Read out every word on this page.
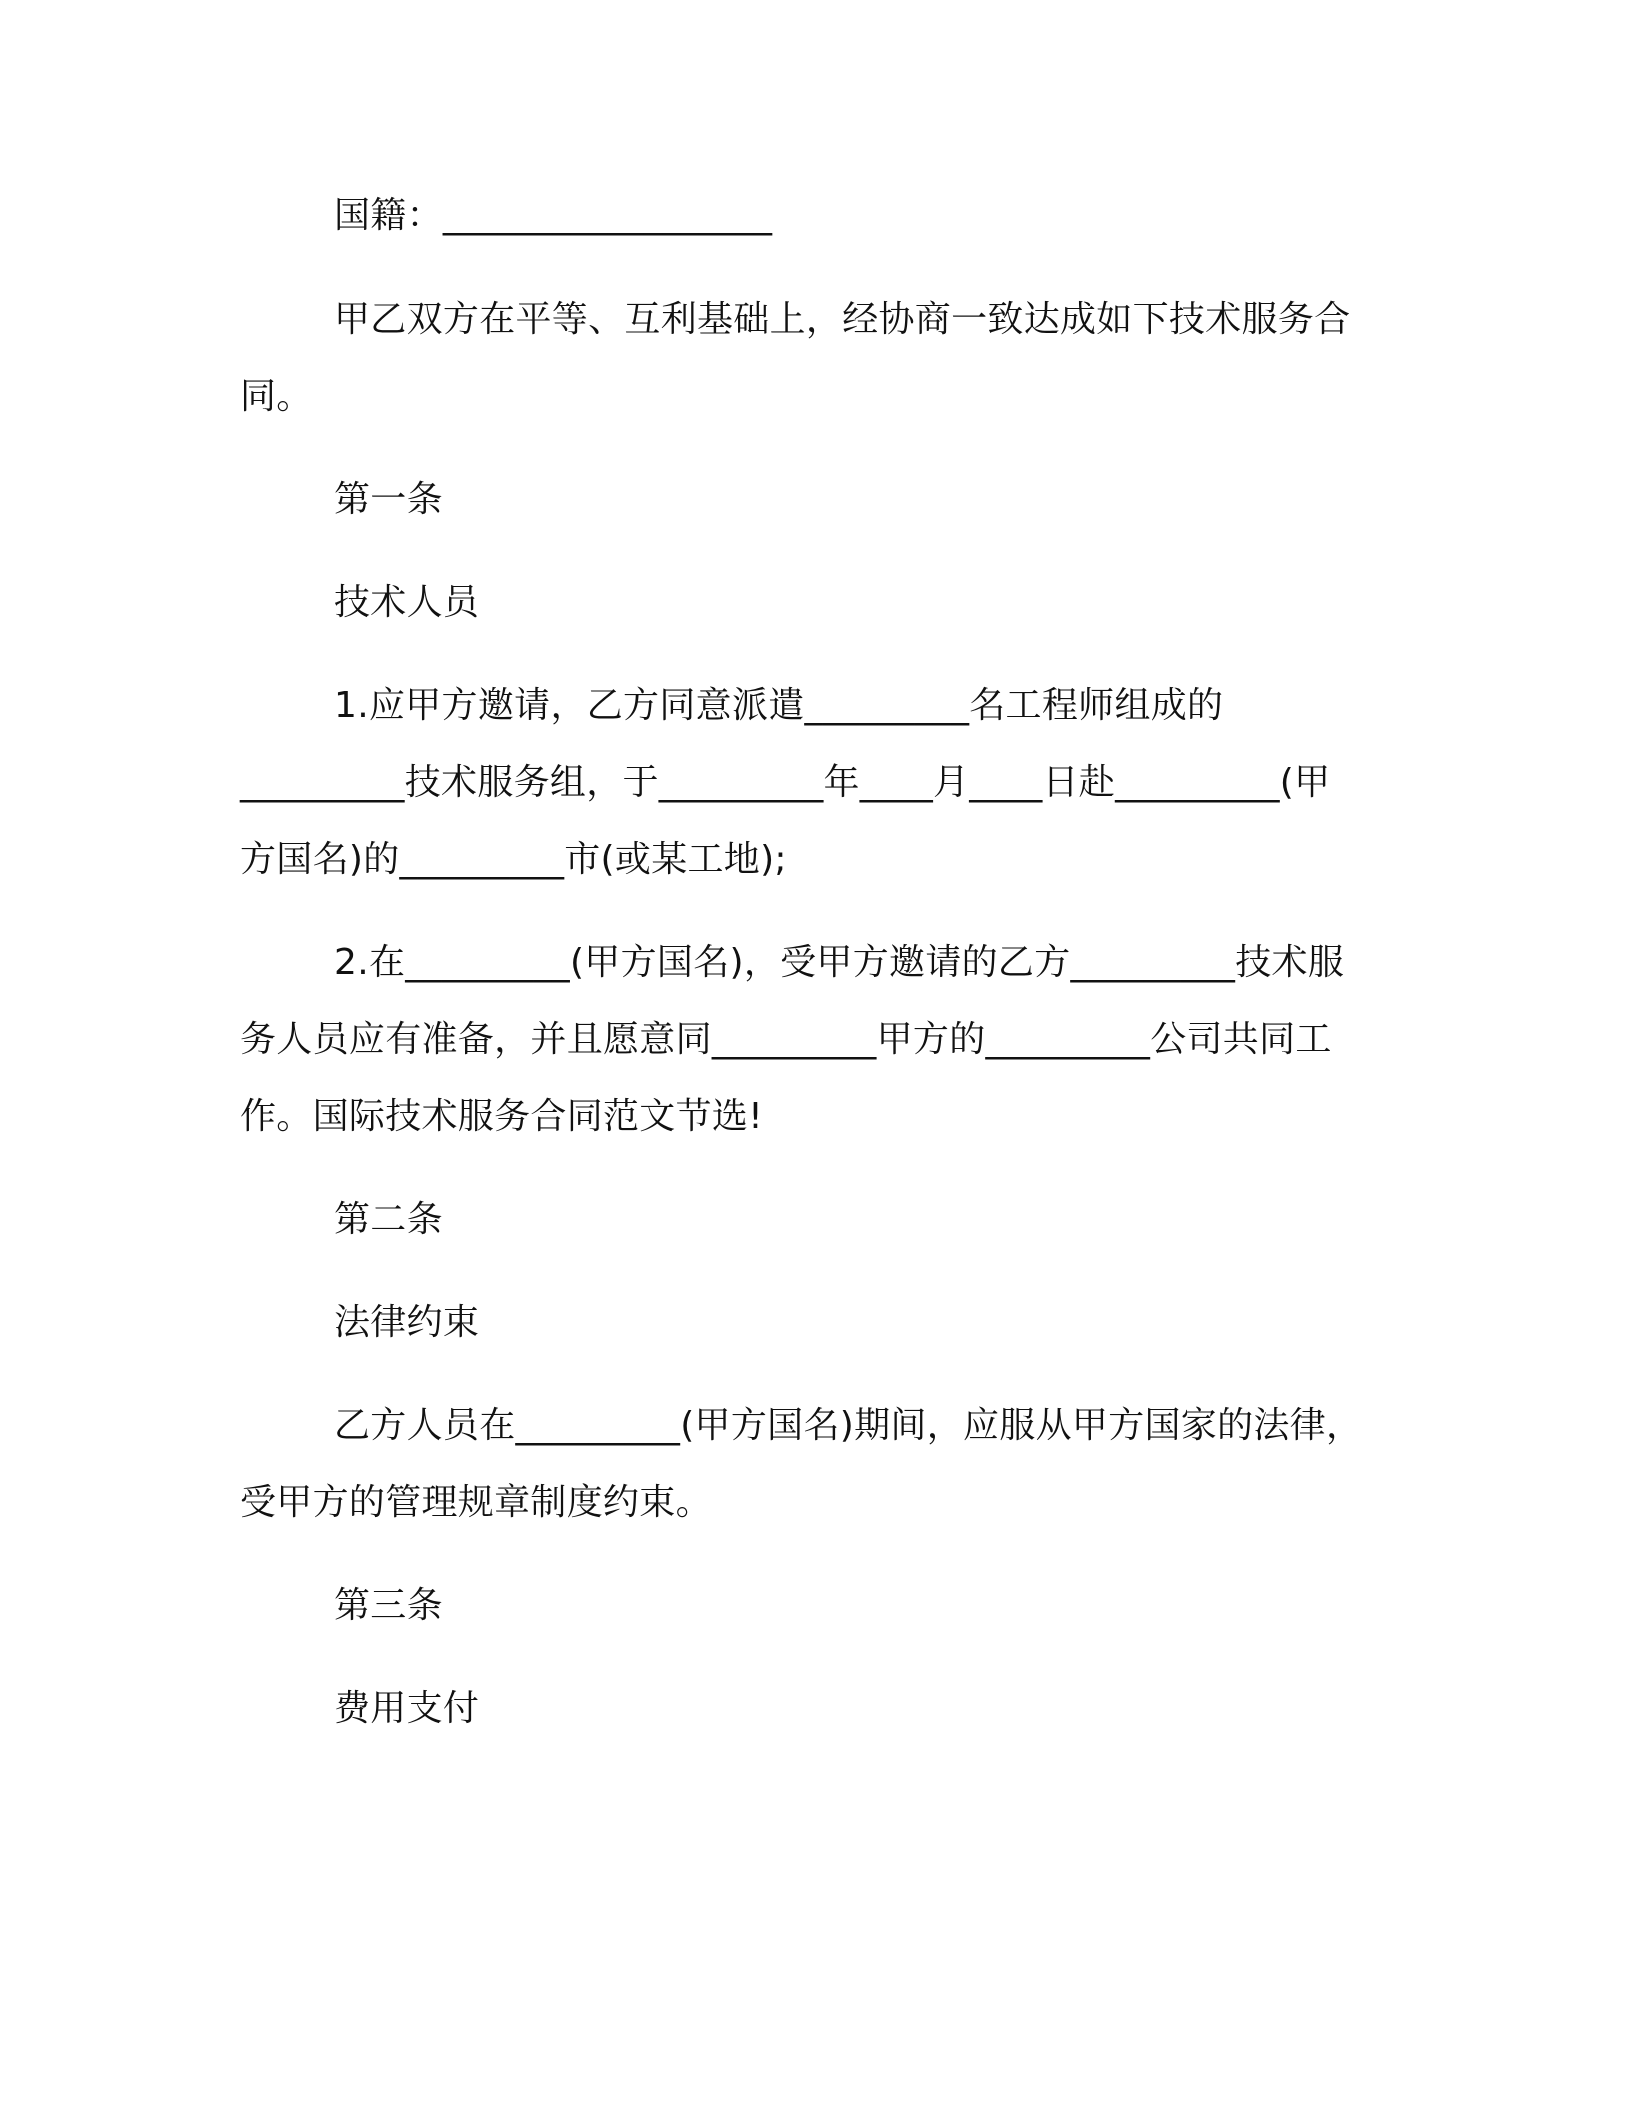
国籍：__________________

甲乙双方在平等、互利基础上，经协商一致达成如下技术服务合

同。

第一条

技术人员

1.应甲方邀请，乙方同意派遣_________名工程师组成的

_________技术服务组，于_________年____月____日赴_________(甲

方国名)的_________市(或某工地);

2.在_________(甲方国名)，受甲方邀请的乙方_________技术服

务人员应有准备，并且愿意同_________甲方的_________公司共同工

作。国际技术服务合同范文节选!

第二条

法律约束

乙方人员在_________(甲方国名)期间，应服从甲方国家的法律，

受甲方的管理规章制度约束。

第三条

费用支付
